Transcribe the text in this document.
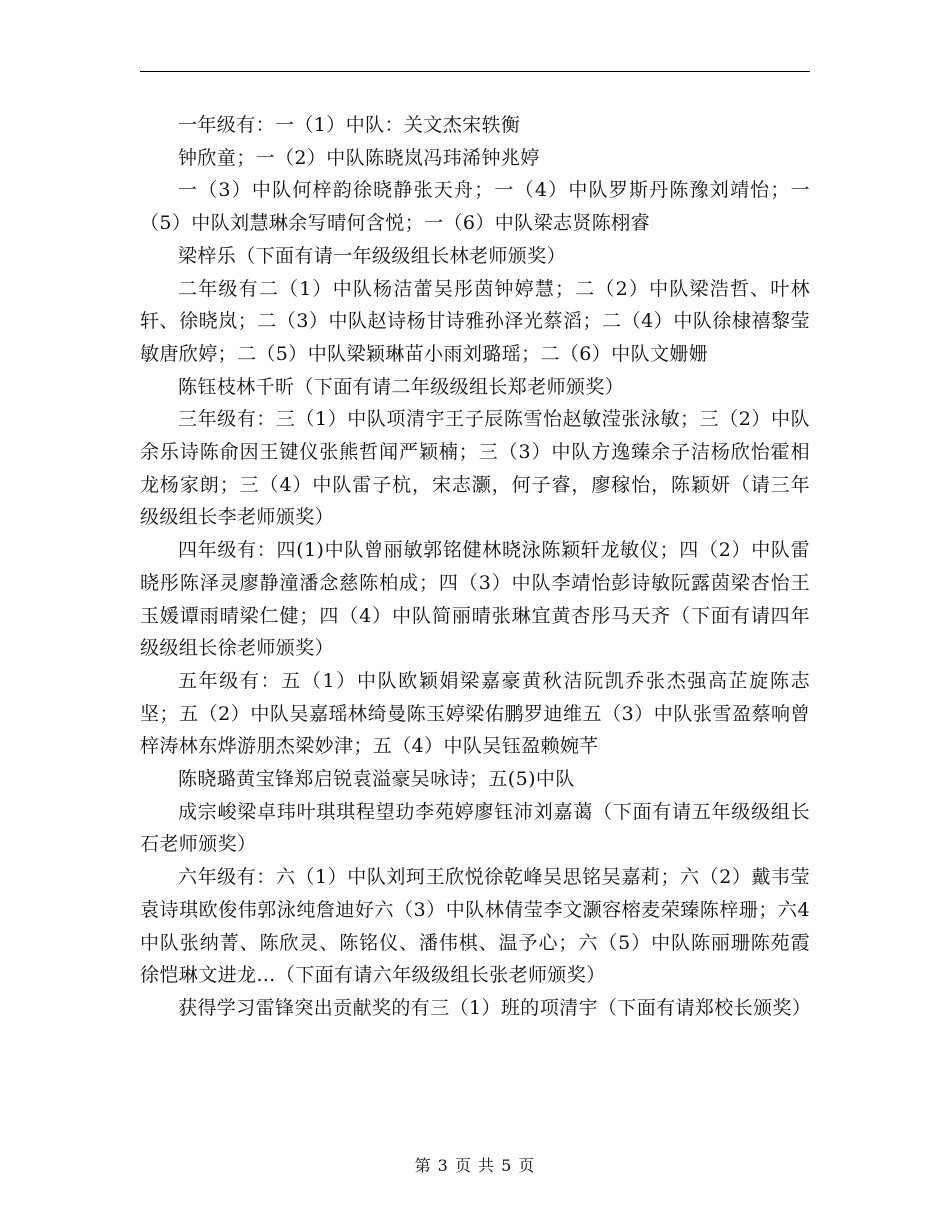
一年级有：一（1）中队：关文杰宋轶衡

钟欣童；一（2）中队陈晓岚冯玮浠钟兆婷

一（3）中队何梓韵徐晓静张天舟；一（4）中队罗斯丹陈豫刘靖怡；一（5）中队刘慧琳余写晴何含悦；一（6）中队梁志贤陈栩睿

梁梓乐（下面有请一年级级组长林老师颁奖）

二年级有二（1）中队杨洁蕾吴彤茵钟婷慧；二（2）中队梁浩哲、叶林轩、徐晓岚；二（3）中队赵诗杨甘诗雅孙泽光蔡滔；二（4）中队徐棣禧黎莹敏唐欣婷；二（5）中队梁颖琳苗小雨刘璐瑶；二（6）中队文姗姗

陈钰枝林千昕（下面有请二年级级组长郑老师颁奖）

三年级有：三（1）中队项清宇王子辰陈雪怡赵敏滢张泳敏；三（2）中队余乐诗陈俞因王键仪张熊哲闻严颖楠；三（3）中队方逸臻余子洁杨欣怡霍相龙杨家朗；三（4）中队雷子杭，宋志灏，何子睿，廖稼怡，陈颖妍（请三年级级组长李老师颁奖）

四年级有：四(1)中队曾丽敏郭铭健林晓泳陈颖轩龙敏仪；四（2）中队雷晓彤陈泽灵廖静潼潘念慈陈柏成；四（3）中队李靖怡彭诗敏阮露茵梁杏怡王玉媛谭雨晴梁仁健；四（4）中队简丽晴张琳宜黄杏彤马天齐（下面有请四年级级组长徐老师颁奖）

五年级有：五（1）中队欧颖娟梁嘉豪黄秋洁阮凯乔张杰强高芷旋陈志坚；五（2）中队吴嘉瑶林绮曼陈玉婷梁佑鹏罗迪维五（3）中队张雪盈蔡响曾梓涛林东烨游朋杰梁妙津；五（4）中队吴钰盈赖婉芊

陈晓璐黄宝锋郑启锐袁溢豪吴咏诗；五(5)中队

成宗峻梁卓玮叶琪琪程望玏李苑婷廖钰沛刘嘉蔼（下面有请五年级级组长石老师颁奖）

六年级有：六（1）中队刘珂王欣悦徐乾峰吴思铭吴嘉莉；六（2）戴韦莹袁诗琪欧俊伟郭泳纯詹迪好六（3）中队林倩莹李文灏容榕麦荣臻陈梓珊；六4中队张纳菁、陈欣灵、陈铭仪、潘伟棋、温予心；六（5）中队陈丽珊陈苑霞徐恺琳文进龙…（下面有请六年级级组长张老师颁奖）

获得学习雷锋突出贡献奖的有三（1）班的项清宇（下面有请郑校长颁奖）

第 3 页 共 5 页
